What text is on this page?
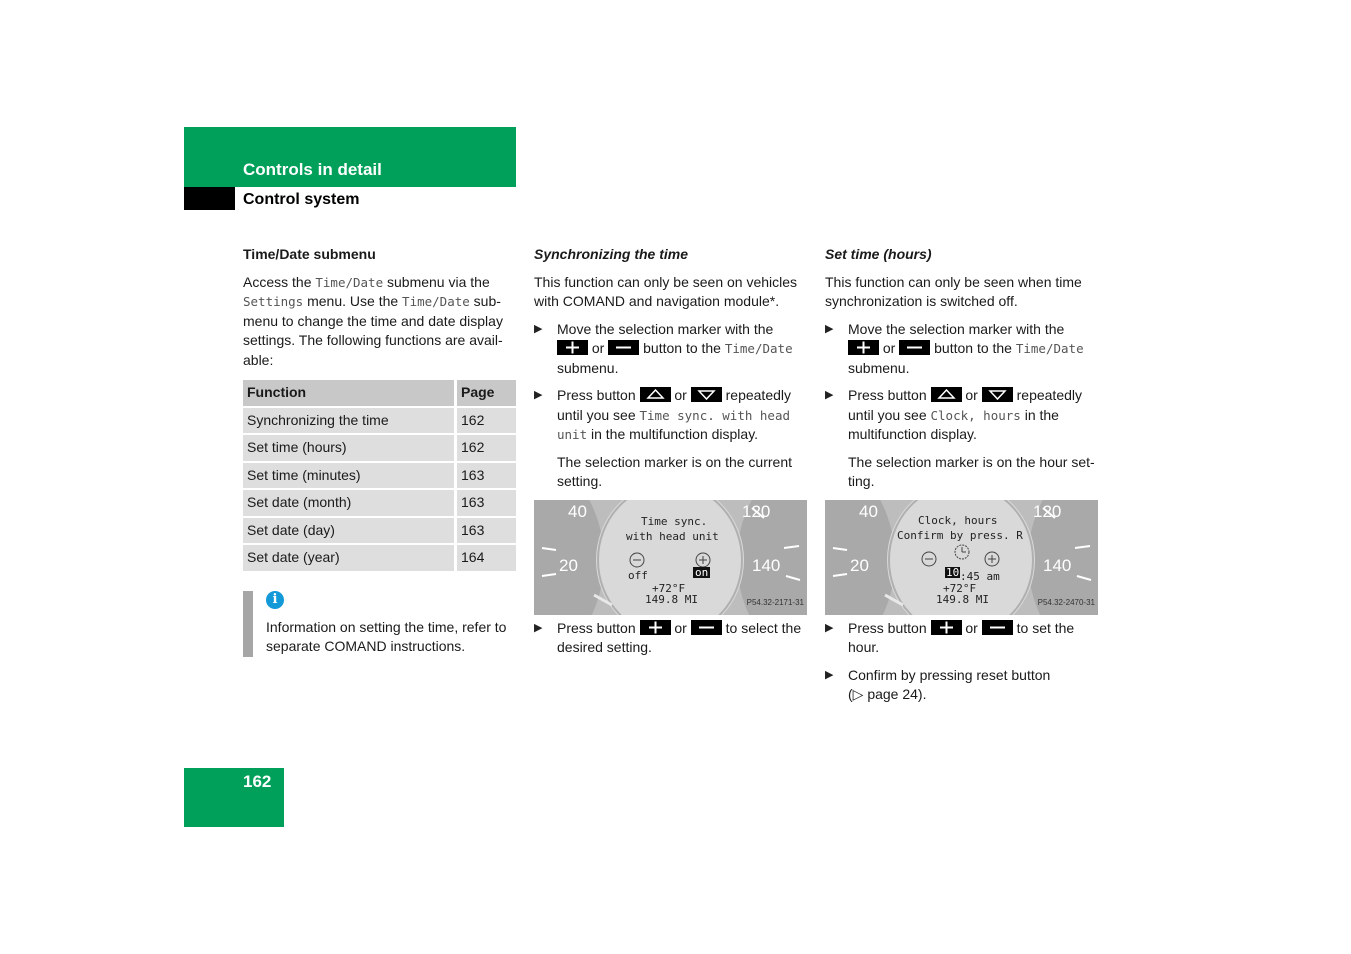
Controls in detail
Control system
Time/Date submenu
Access the Time/Date submenu via the Settings menu. Use the Time/Date sub-menu to change the time and date display settings. The following functions are avail-able:
Function	Page
Synchronizing the time	162
Set time (hours)	162
Set time (minutes)	163
Set date (month)	163
Set date (day)	163
Set date (year)	164
i
Information on setting the time, refer to separate COMAND instructions.
Synchronizing the time
This function can only be seen on vehicles with COMAND and navigation module*.
▶ Move the selection marker with the

or	button to the Time/Date
submenu.
▶ Press button	or	repeatedly until you see Time sync. with head unit in the multifunction display.
The selection marker is on the current setting.
40
20
120
140
Time sync.
with head unit
off	on
+72°F
149.8 MI	P54.32-2171-31
▶ Press button	or	to select the desired setting.
Set time (hours)
This function can only be seen when time synchronization is switched off.
▶ Move the selection marker with the

or	button to the Time/Date
submenu.
▶ Press button	or	repeatedly until you see Clock, hours in the multifunction display.
The selection marker is on the hour set-ting.
40
20
120
140
Clock, hours
Confirm by press. R
10 :45 am
+72°F
149.8 MI	P54.32-2470-31
▶ Press button	or	to set the hour.
▶ Confirm by pressing reset button
(▷ page 24).
162
